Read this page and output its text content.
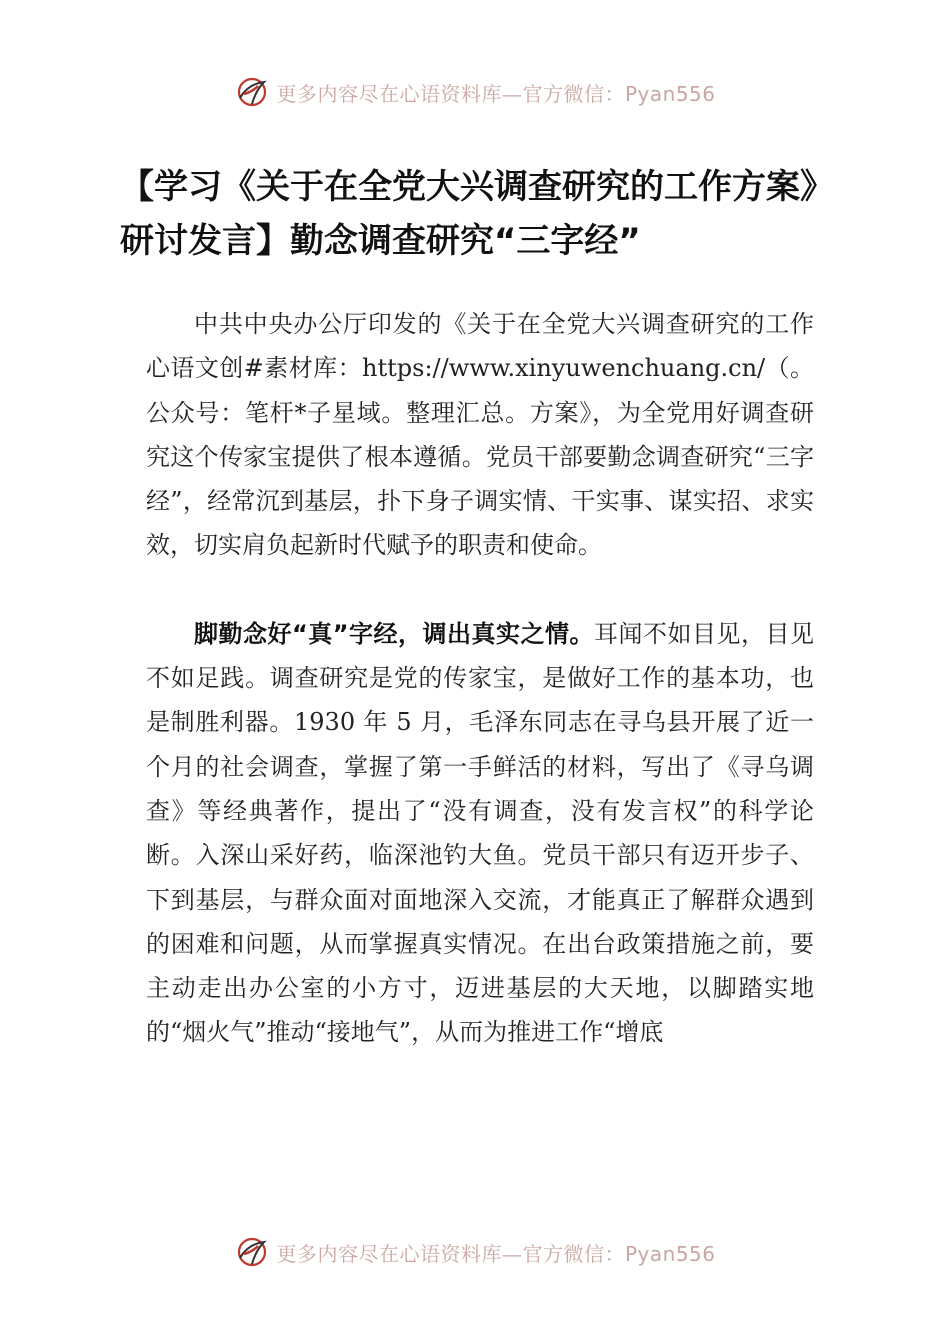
更多内容尽在心语资料库—官方微信：Pyan556
【学习《关于在全党大兴调查研究的工作方案》研讨发言】勤念调查研究“三字经”

中共中央办公厅印发的《关于在全党大兴调查研究的工作心语文创#素材库：https://www.xinyuwenchuang.cn/（。公众号：笔杆*子星域。整理汇总。方案》，为全党用好调查研究这个传家宝提供了根本遵循。党员干部要勤念调查研究“三字经”，经常沉到基层，扑下身子调实情、干实事、谋实招、求实效，切实肩负起新时代赋予的职责和使命。

脚勤念好“真”字经，调出真实之情。耳闻不如目见，目见不如足践。调查研究是党的传家宝，是做好工作的基本功，也是制胜利器。1930 年 5 月，毛泽东同志在寻乌县开展了近一个月的社会调查，掌握了第一手鲜活的材料，写出了《寻乌调查》等经典著作，提出了“没有调查，没有发言权”的科学论断。入深山采好药，临深池钓大鱼。党员干部只有迈开步子、下到基层，与群众面对面地深入交流，才能真正了解群众遇到的困难和问题，从而掌握真实情况。在出台政策措施之前，要主动走出办公室的小方寸，迈进基层的大天地，以脚踏实地的“烟火气”推动“接地气”，从而为推进工作“增底

更多内容尽在心语资料库—官方微信：Pyan556
